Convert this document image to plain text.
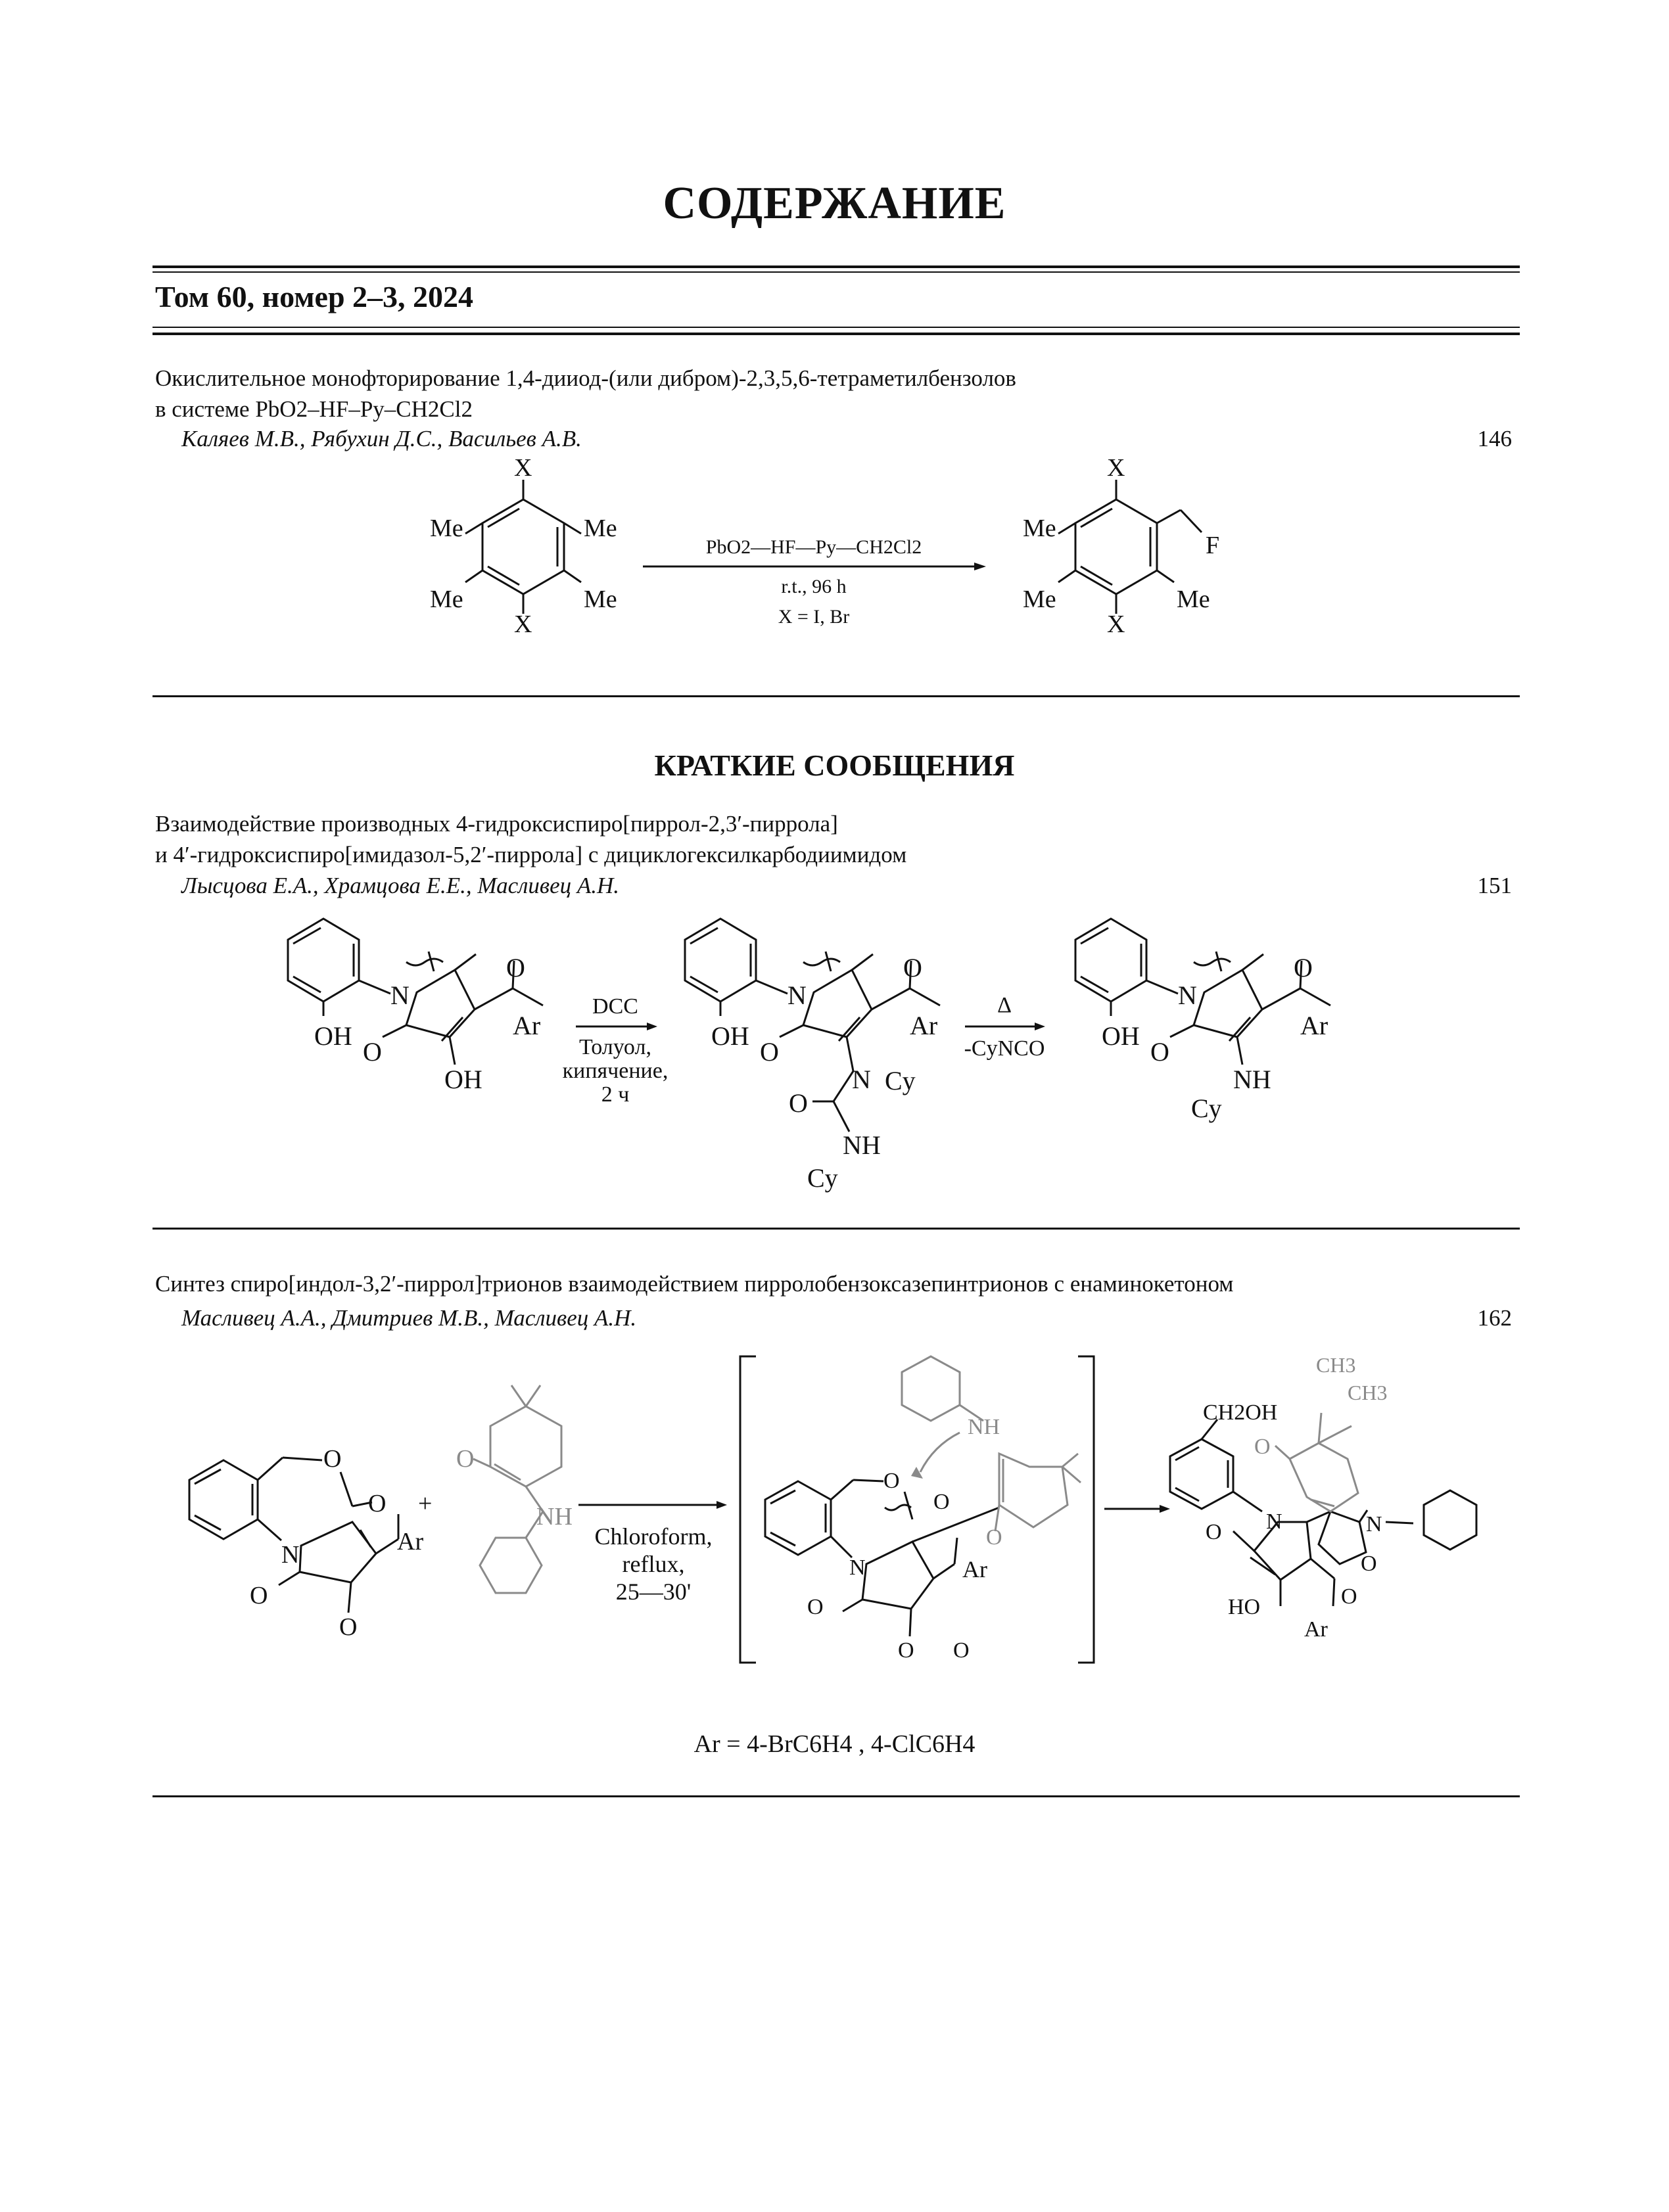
СОДЕРЖАНИЕ
Том 60, номер 2–3, 2024
Окислительное монофторирование 1,4-дииод-(или дибром)-2,3,5,6-тетраметилбензолов
в системе PbO2–HF–Py–CH2Cl2
Каляев М.В., Рябухин Д.С., Васильев А.В.	146
X
X
Me	Me
Me	Me
PbO2—HF—Py—CH2Cl2
r.t., 96 h
X = I, Br
X
X
Me
Me	Me
F
КРАТКИЕ СООБЩЕНИЯ
Взаимодействие производных 4-гидроксиспиро[пиррол-2,3′-пиррола]
и 4′-гидроксиспиро[имидазол-5,2′-пиррола] с дициклогексилкарбодиимидом
Лысцова Е.А., Храмцова Е.Е., Масливец А.Н.	151
OH
N
O
O
Ar
OH
DCC
Толуол,
кипячение,
2 ч
OH
N
O
O
Ar
N Cy
O
NH
Cy
Δ
-CyNCO OH
N
O
O
Ar
NH
Cy
Синтез спиро[индол-3,2′-пиррол]трионов взаимодействием пирролобензоксазепинтрионов с енаминокетоном
Масливец А.А., Дмитриев М.В., Масливец А.Н.	162
O
O
N
O
O
Ar
+
O
NH
Chloroform,
reflux,
25—30'
O
O
N
O
O O
Ar
NH
O
CH2OH
O
CH3
CH3
N	N
O
O
HO	O
Ar
Ar = 4-BrC6H4 , 4-ClC6H4
